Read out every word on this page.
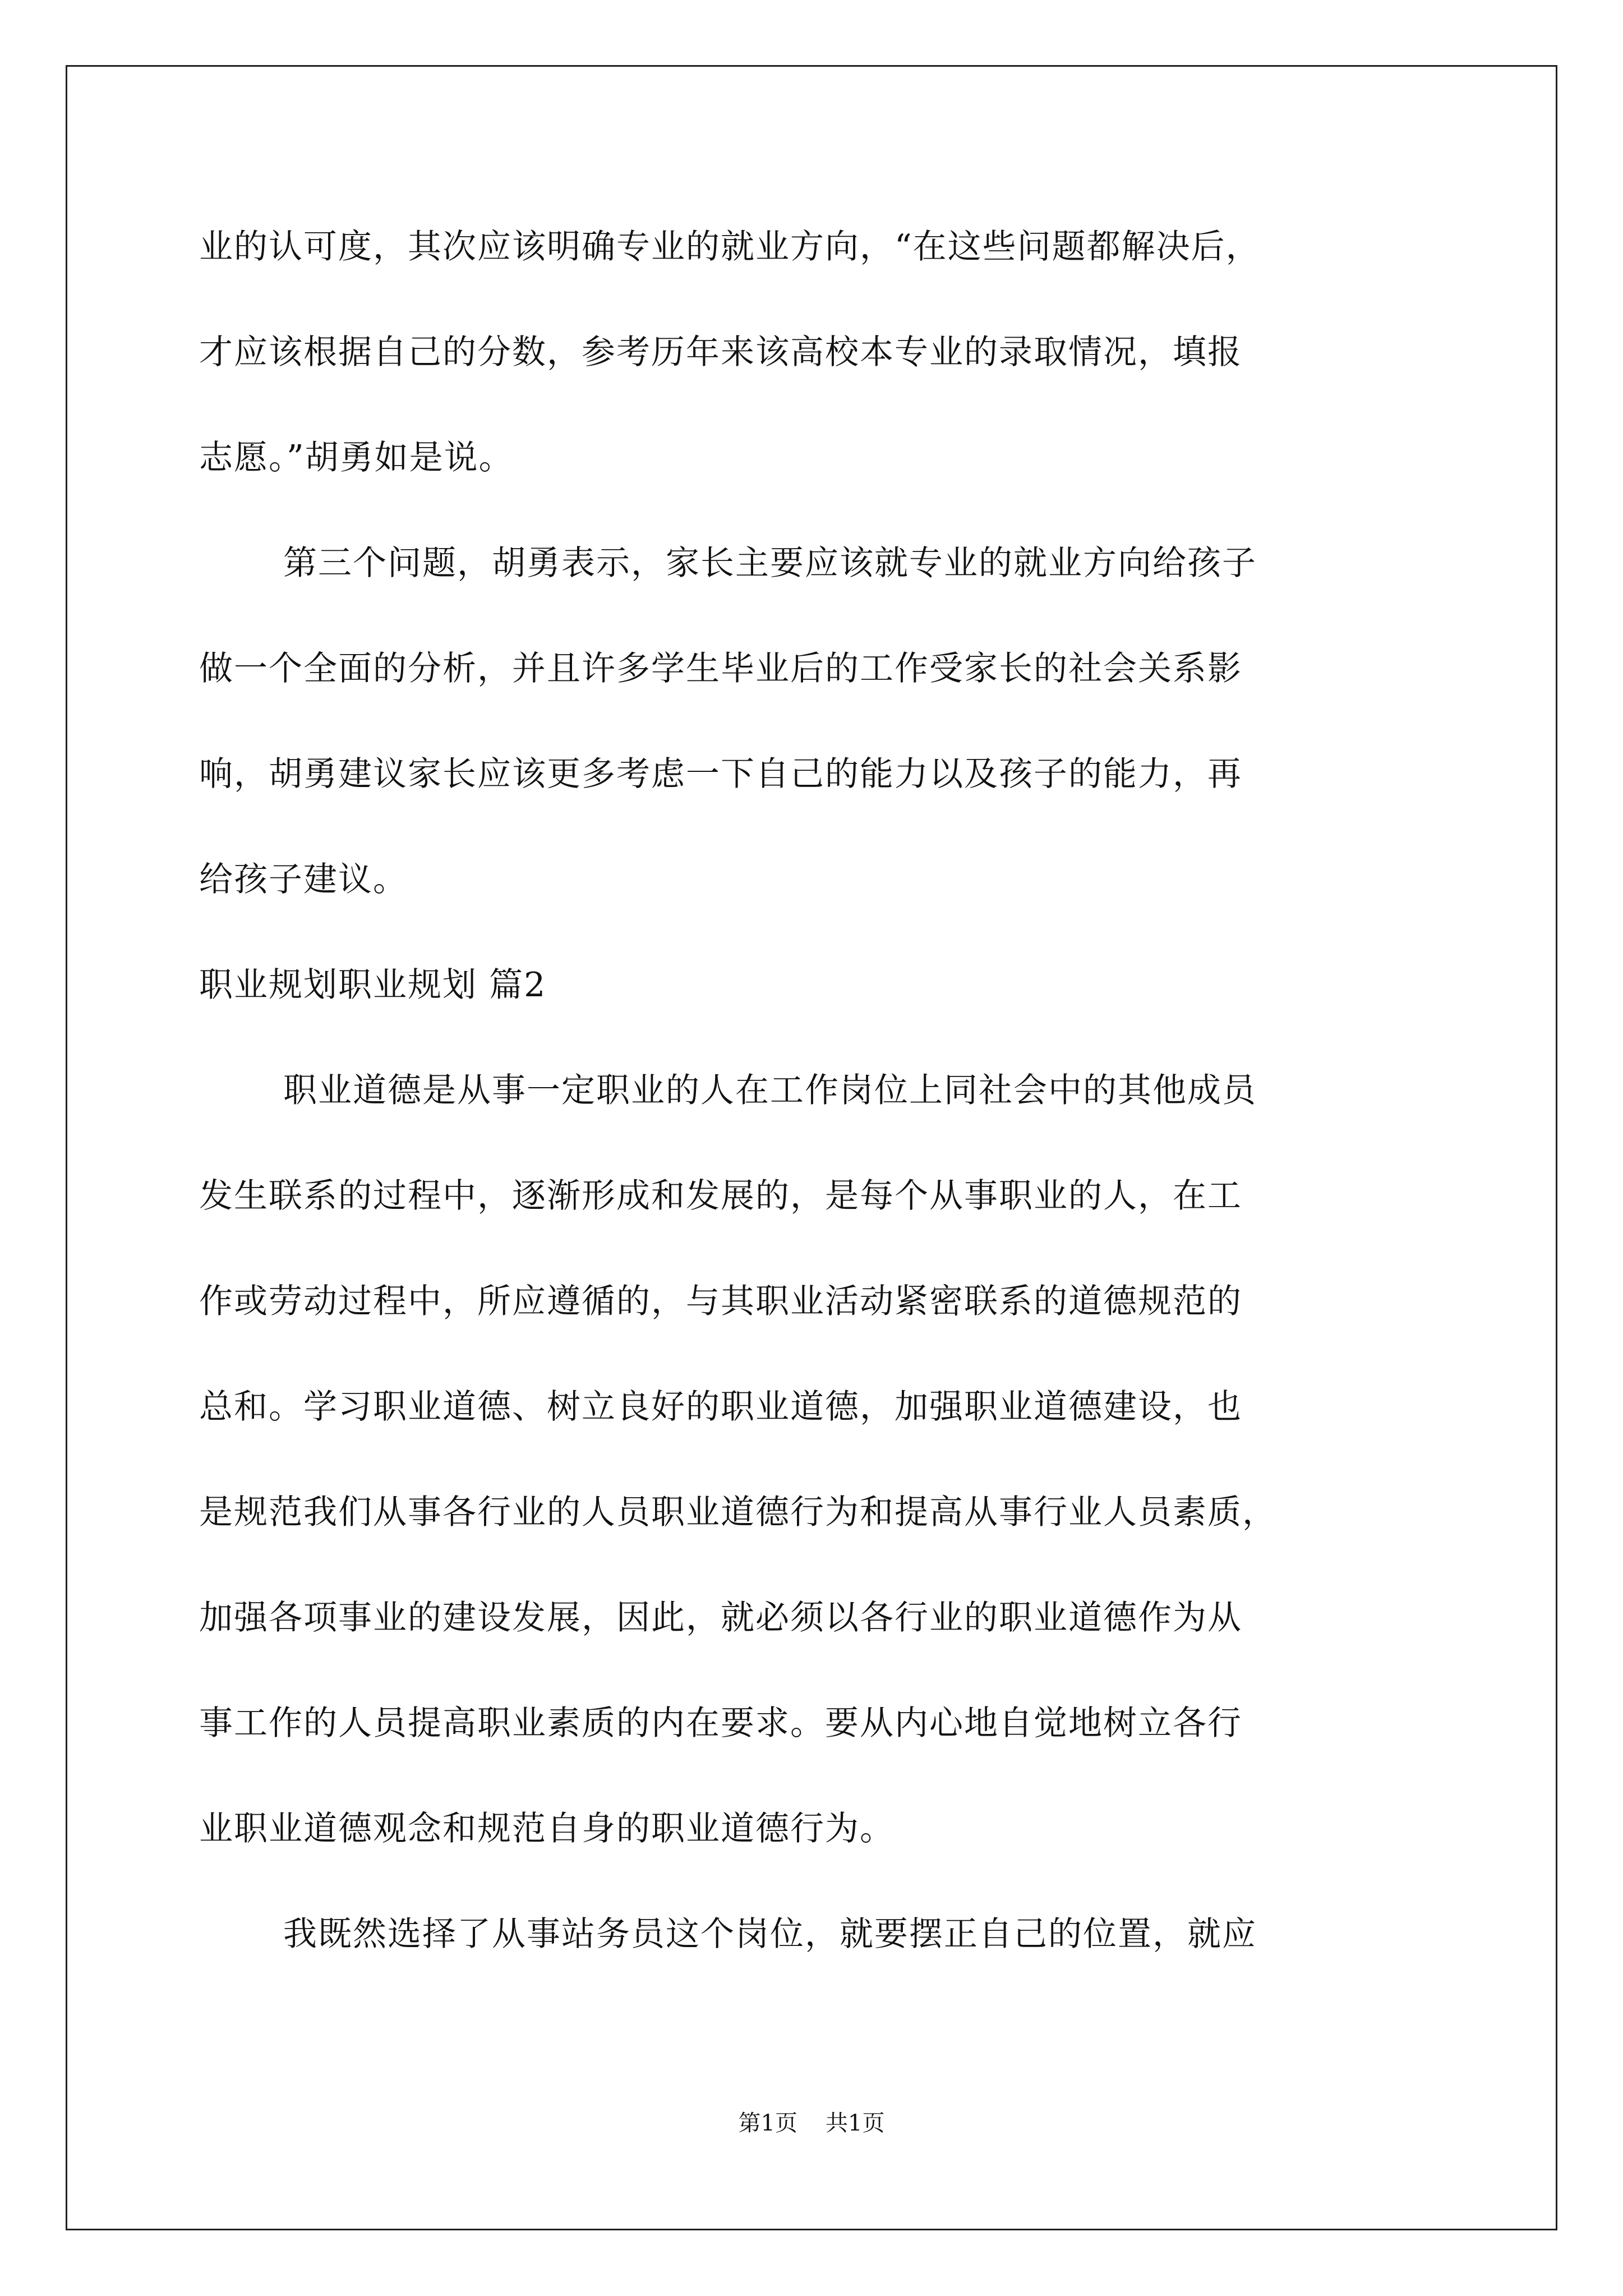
业的认可度，其次应该明确专业的就业方向，“在这些问题都解决后，
才应该根据自己的分数，参考历年来该高校本专业的录取情况，填报
志愿。”胡勇如是说。
第三个问题，胡勇表示，家长主要应该就专业的就业方向给孩子
做一个全面的分析，并且许多学生毕业后的工作受家长的社会关系影
响，胡勇建议家长应该更多考虑一下自己的能力以及孩子的能力，再
给孩子建议。
职业规划职业规划 篇2
职业道德是从事一定职业的人在工作岗位上同社会中的其他成员
发生联系的过程中，逐渐形成和发展的，是每个从事职业的人，在工
作或劳动过程中，所应遵循的，与其职业活动紧密联系的道德规范的
总和。学习职业道德、树立良好的职业道德，加强职业道德建设，也
是规范我们从事各行业的人员职业道德行为和提高从事行业人员素质，
加强各项事业的建设发展，因此，就必须以各行业的职业道德作为从
事工作的人员提高职业素质的内在要求。要从内心地自觉地树立各行
业职业道德观念和规范自身的职业道德行为。
我既然选择了从事站务员这个岗位，就要摆正自己的位置，就应
第1页 共1页
